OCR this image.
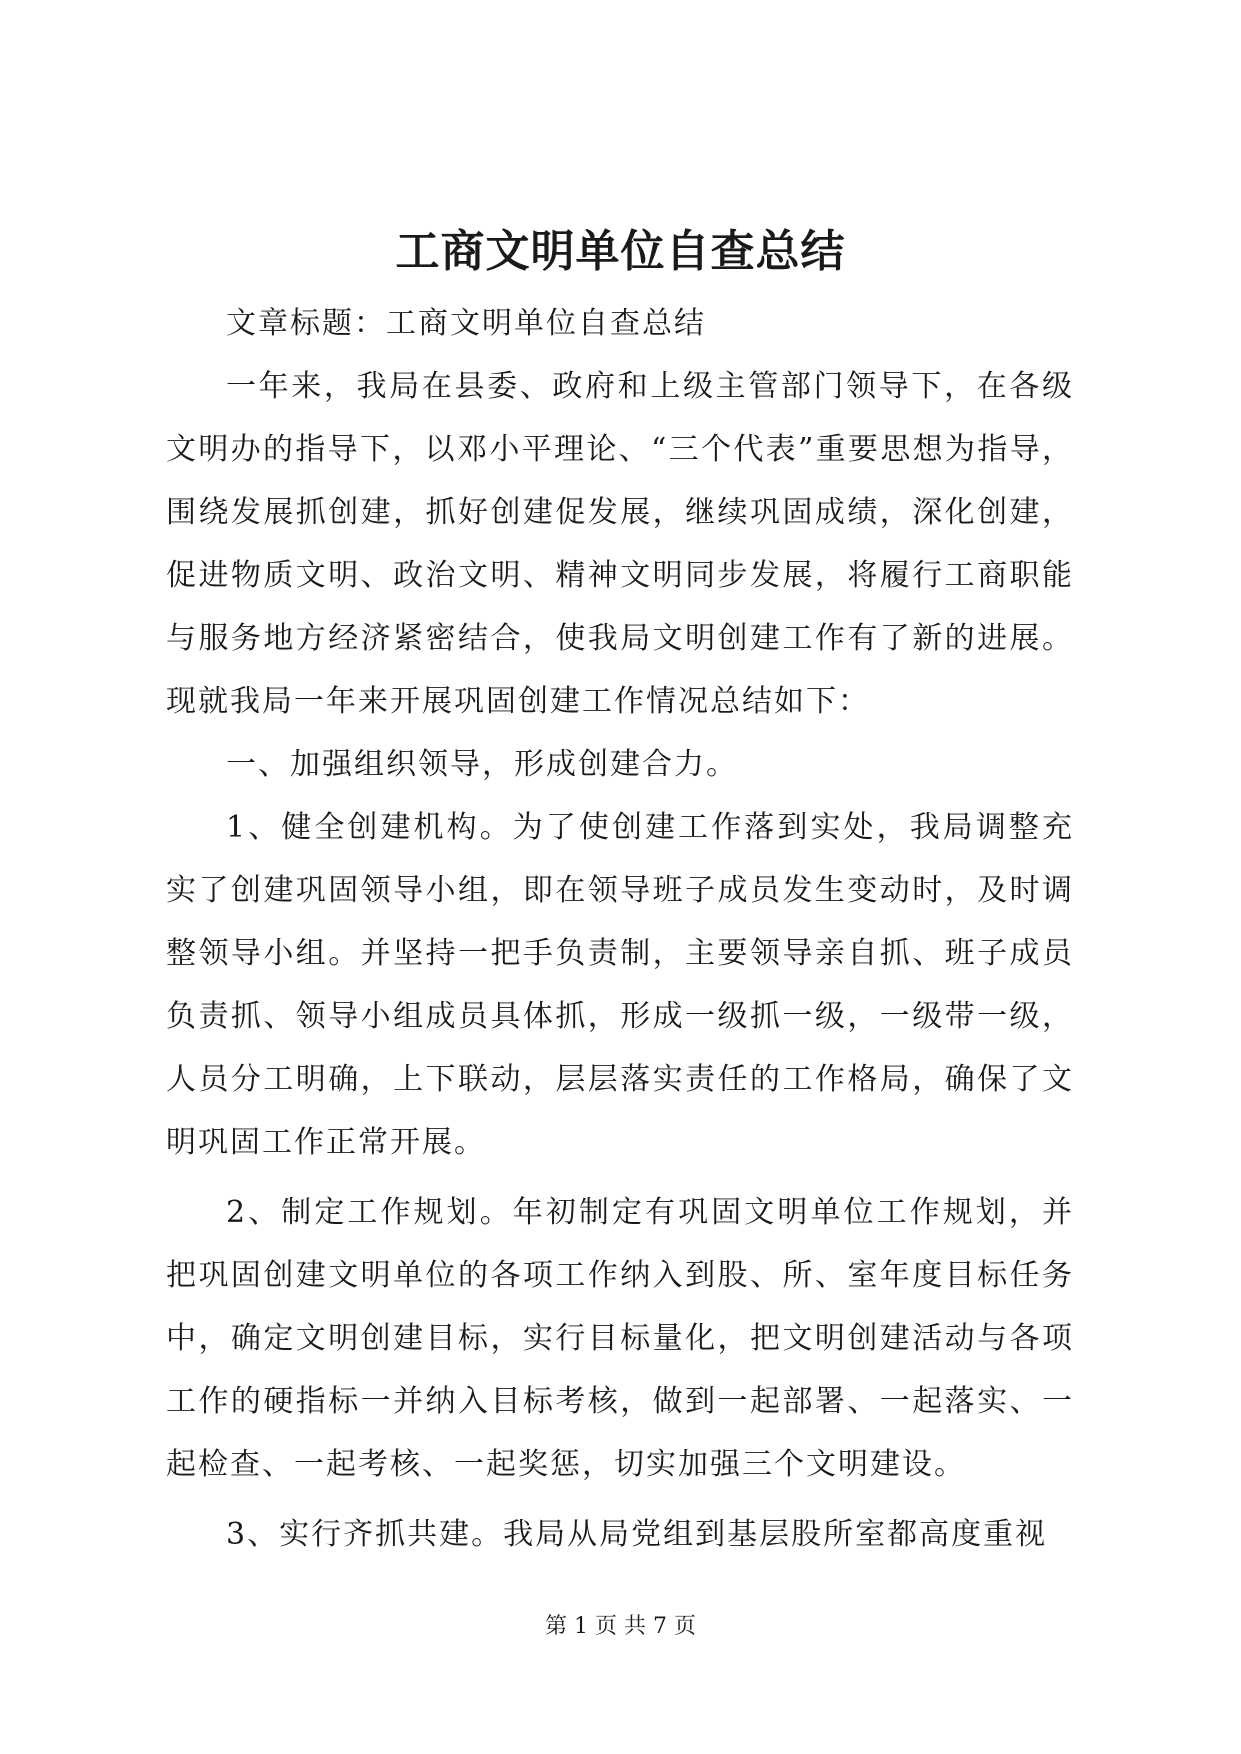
工商文明单位自查总结

文章标题：工商文明单位自查总结

一年来，我局在县委、政府和上级主管部门领导下，在各级文明办的指导下，以邓小平理论、“三个代表”重要思想为指导，围绕发展抓创建，抓好创建促发展，继续巩固成绩，深化创建，促进物质文明、政治文明、精神文明同步发展，将履行工商职能与服务地方经济紧密结合，使我局文明创建工作有了新的进展。现就我局一年来开展巩固创建工作情况总结如下：

一、加强组织领导，形成创建合力。

1、健全创建机构。为了使创建工作落到实处，我局调整充实了创建巩固领导小组，即在领导班子成员发生变动时，及时调整领导小组。并坚持一把手负责制，主要领导亲自抓、班子成员负责抓、领导小组成员具体抓，形成一级抓一级，一级带一级，人员分工明确，上下联动，层层落实责任的工作格局，确保了文明巩固工作正常开展。

2、制定工作规划。年初制定有巩固文明单位工作规划，并把巩固创建文明单位的各项工作纳入到股、所、室年度目标任务中，确定文明创建目标，实行目标量化，把文明创建活动与各项工作的硬指标一并纳入目标考核，做到一起部署、一起落实、一起检查、一起考核、一起奖惩，切实加强三个文明建设。

3、实行齐抓共建。我局从局党组到基层股所室都高度重视

第 1 页 共 7 页
